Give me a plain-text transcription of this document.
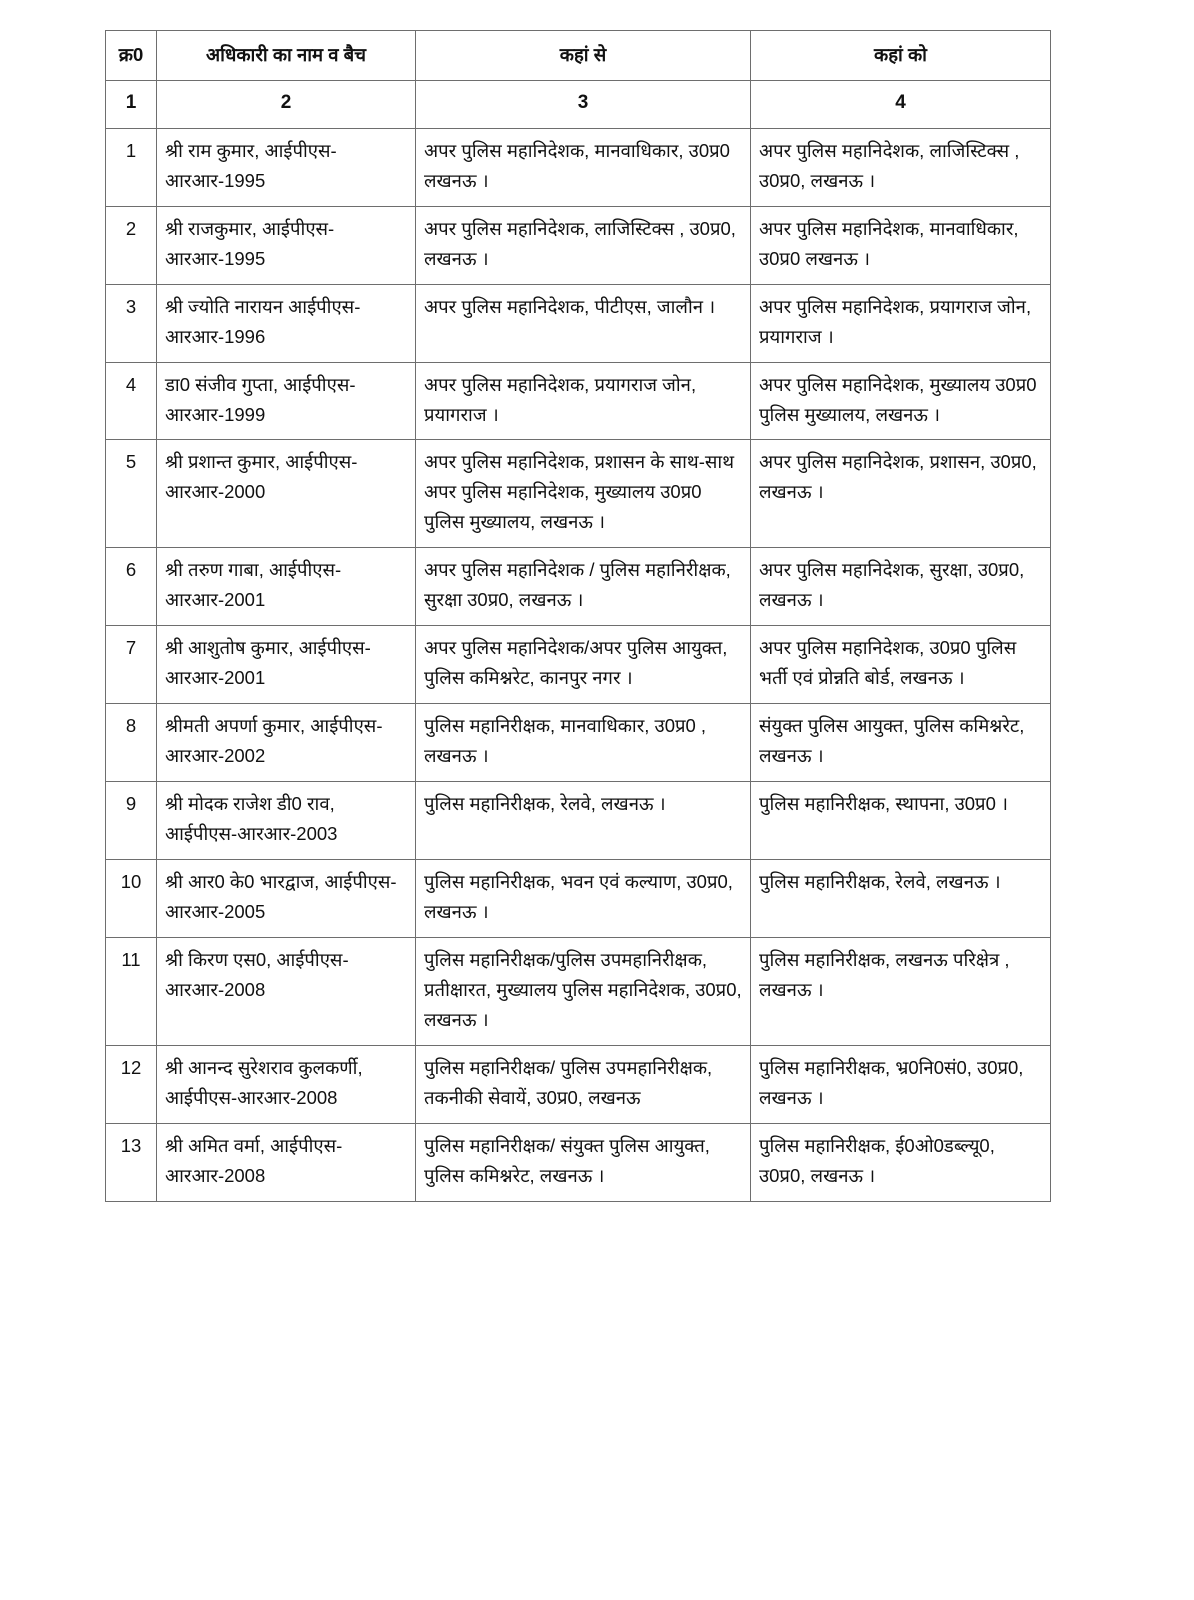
क्र0	अधिकारी का नाम व बैच	कहां से	कहां को
1	2	3	4
1	श्री राम कुमार, आईपीएस-आरआर-1995	अपर पुलिस महानिदेशक, मानवाधिकार, उ0प्र0 लखनऊ ।	अपर पुलिस महानिदेशक, लाजिस्टिक्स , उ0प्र0, लखनऊ ।
2	श्री राजकुमार, आईपीएस-आरआर-1995	अपर पुलिस महानिदेशक, लाजिस्टिक्स , उ0प्र0, लखनऊ ।	अपर पुलिस महानिदेशक, मानवाधिकार, उ0प्र0 लखनऊ ।
3	श्री ज्योति नारायन आईपीएस-आरआर-1996	अपर पुलिस महानिदेशक, पीटीएस, जालौन ।	अपर पुलिस महानिदेशक, प्रयागराज जोन, प्रयागराज ।
4	डा0 संजीव गुप्ता, आईपीएस-आरआर-1999	अपर पुलिस महानिदेशक, प्रयागराज जोन, प्रयागराज ।	अपर पुलिस महानिदेशक, मुख्यालय उ0प्र0 पुलिस मुख्यालय, लखनऊ ।
5	श्री प्रशान्त कुमार, आईपीएस-आरआर-2000	अपर पुलिस महानिदेशक, प्रशासन के साथ-साथ अपर पुलिस महानिदेशक, मुख्यालय उ0प्र0 पुलिस मुख्यालय, लखनऊ ।	अपर पुलिस महानिदेशक, प्रशासन, उ0प्र0, लखनऊ ।
6	श्री तरुण गाबा, आईपीएस-आरआर-2001	अपर पुलिस महानिदेशक / पुलिस महानिरीक्षक, सुरक्षा उ0प्र0, लखनऊ ।	अपर पुलिस महानिदेशक, सुरक्षा, उ0प्र0, लखनऊ ।
7	श्री आशुतोष कुमार, आईपीएस-आरआर-2001	अपर पुलिस महानिदेशक/अपर पुलिस आयुक्त, पुलिस कमिश्नरेट, कानपुर नगर ।	अपर पुलिस महानिदेशक, उ0प्र0 पुलिस भर्ती एवं प्रोन्नति बोर्ड, लखनऊ ।
8	श्रीमती अपर्णा कुमार, आईपीएस-आरआर-2002	पुलिस महानिरीक्षक, मानवाधिकार, उ0प्र0 , लखनऊ ।	संयुक्त पुलिस आयुक्त, पुलिस कमिश्नरेट, लखनऊ ।
9	श्री मोदक राजेश डी0 राव, आईपीएस-आरआर-2003	पुलिस महानिरीक्षक, रेलवे, लखनऊ ।	पुलिस महानिरीक्षक, स्थापना, उ0प्र0 ।
10	श्री आर0 के0 भारद्वाज, आईपीएस-आरआर-2005	पुलिस महानिरीक्षक, भवन एवं कल्याण, उ0प्र0, लखनऊ ।	पुलिस महानिरीक्षक, रेलवे, लखनऊ ।
11	श्री किरण एस0, आईपीएस-आरआर-2008	पुलिस महानिरीक्षक/पुलिस उपमहानिरीक्षक, प्रतीक्षारत, मुख्यालय पुलिस महानिदेशक, उ0प्र0, लखनऊ ।	पुलिस महानिरीक्षक, लखनऊ परिक्षेत्र , लखनऊ ।
12	श्री आनन्द सुरेशराव कुलकर्णी, आईपीएस-आरआर-2008	पुलिस महानिरीक्षक/ पुलिस उपमहानिरीक्षक, तकनीकी सेवायें, उ0प्र0, लखनऊ	पुलिस महानिरीक्षक, भ्र0नि0सं0, उ0प्र0, लखनऊ ।
13	श्री अमित वर्मा, आईपीएस-आरआर-2008	पुलिस महानिरीक्षक/ संयुक्त पुलिस आयुक्त, पुलिस कमिश्नरेट, लखनऊ ।	पुलिस महानिरीक्षक, ई0ओ0डब्ल्यू0, उ0प्र0, लखनऊ ।
